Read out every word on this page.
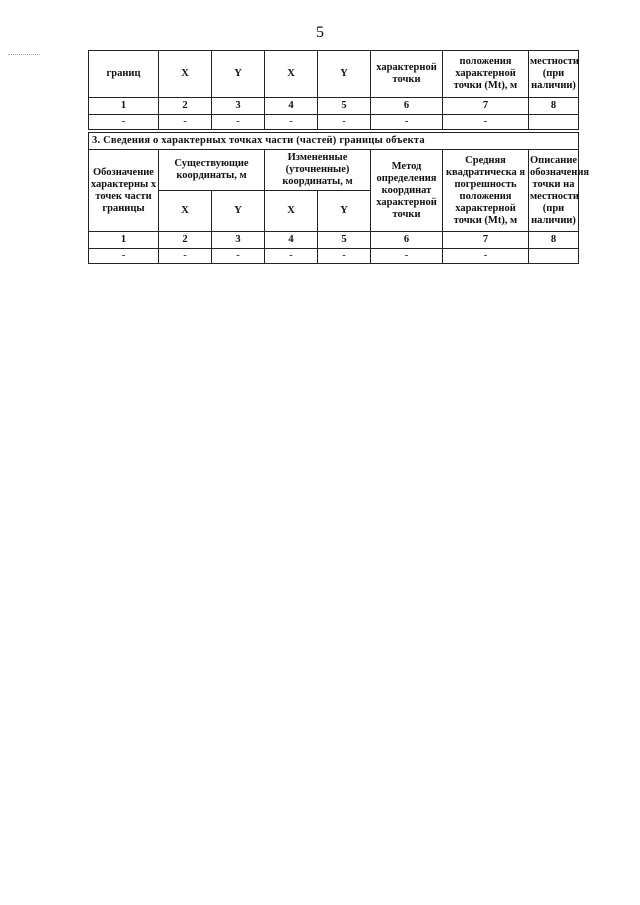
5
границ	X	Y	X	Y	характерной точки	положения характерной точки (Mt), м	местности (при наличии)
1	2	3	4	5	6	7	8
-	-	-	-	-	-	-	
3. Сведения о характерных точках части (частей) границы объекта							
Обозначение характерны х точек части границы	Существующие координаты, м		Измененные (уточненные) координаты, м		Метод определения координат характерной точки	Средняя квадратическа я погрешность положения характерной точки (Mt), м	Описание обозначения точки на местности (при наличии)
	X	Y	X	Y			
1	2	3	4	5	6	7	8
-	-	-	-	-	-	-	
